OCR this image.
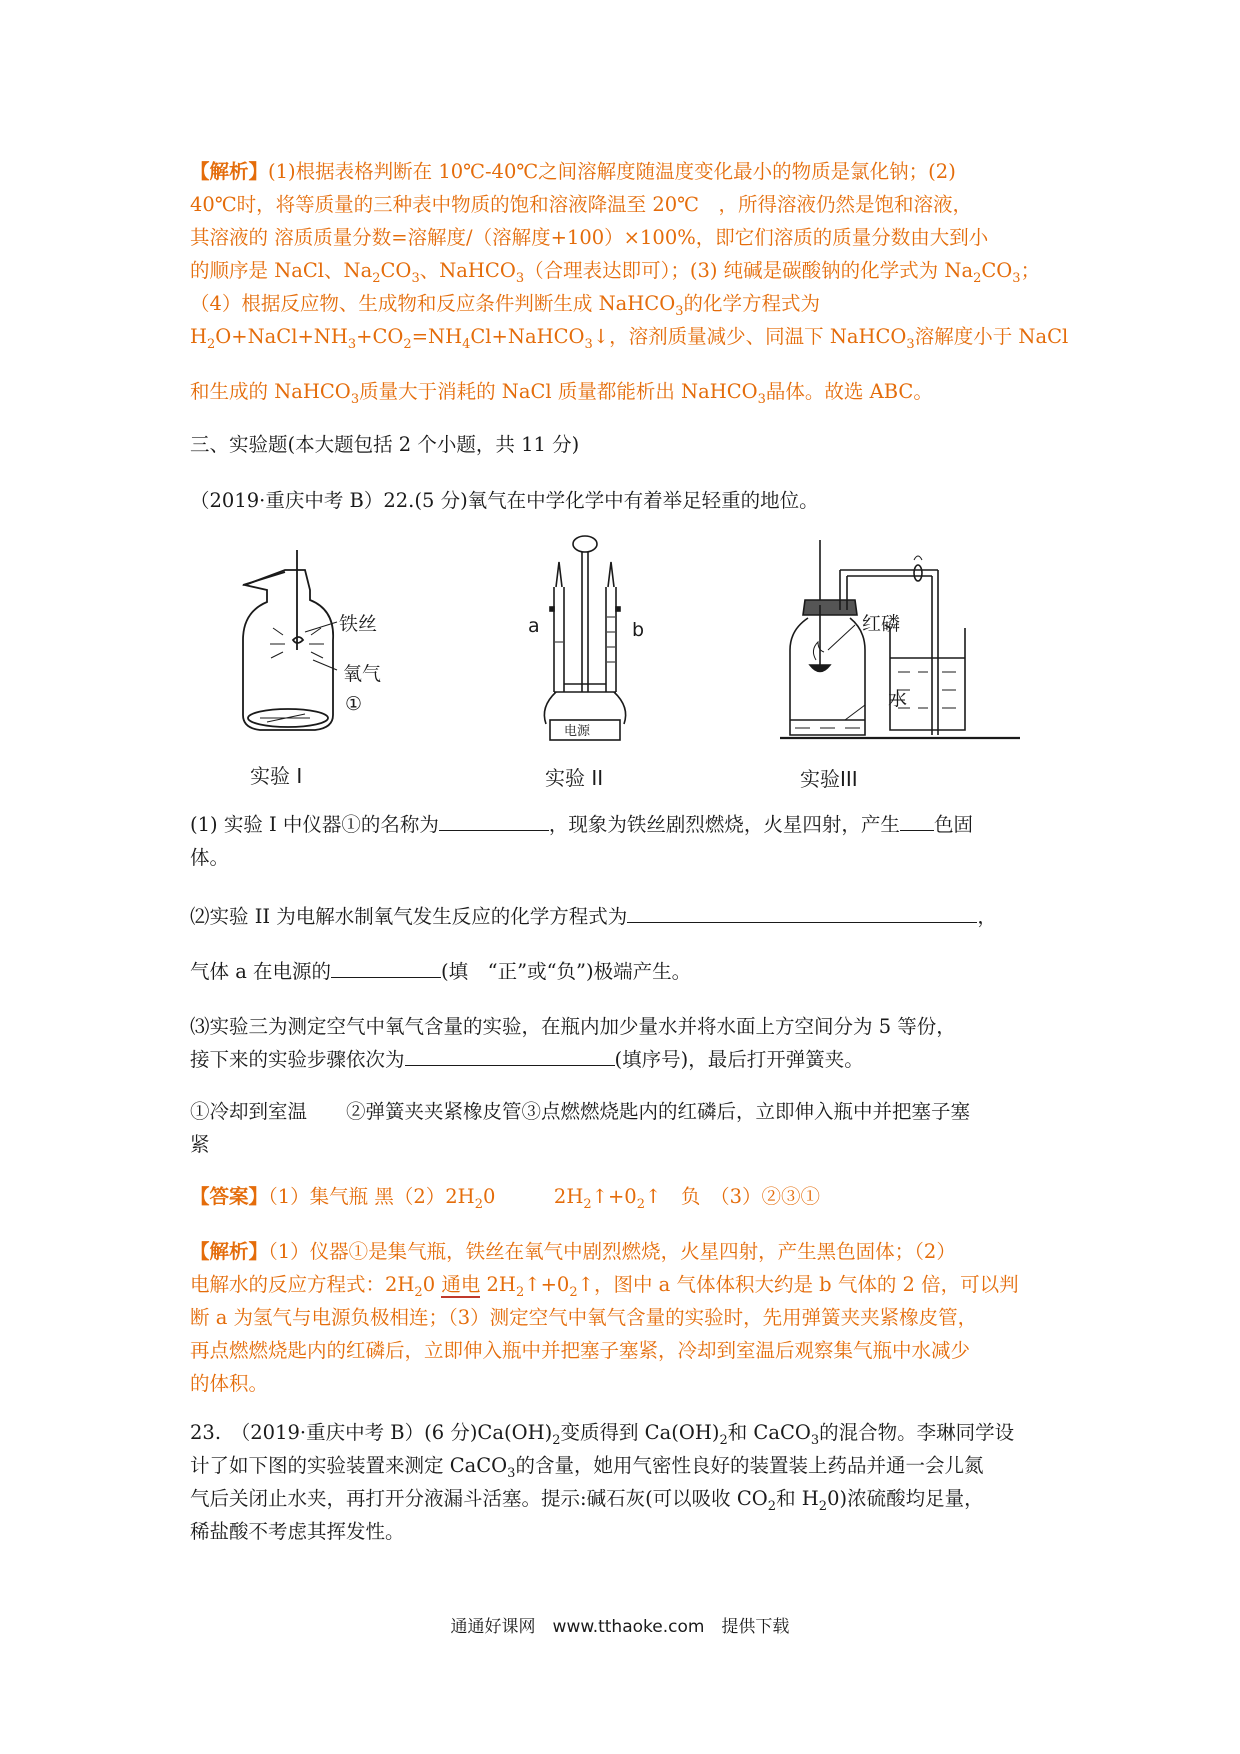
【解析】(1)根据表格判断在 10℃-40℃之间溶解度随温度变化最小的物质是氯化钠；(2)
40℃时，将等质量的三种表中物质的饱和溶液降温至 20℃　，所得溶液仍然是饱和溶液，
其溶液的 溶质质量分数=溶解度/（溶解度+100）×100%，即它们溶质的质量分数由大到小
的顺序是 NaCl、$Na_2CO_3$、NaHCO$_3$（合理表达即可）；(3) 纯碱是碳酸钠的化学式为 $Na_2CO_3$；
（4）根据反应物、生成物和反应条件判断生成 NaHCO$_3$的化学方程式为
$H_2O+NaCl+NH_3+CO_2=NH_4Cl+NaHCO_3↓$，溶剂质量减少、同温下 NaHCO$_3$溶解度小于 NaCl
和生成的 NaHCO$_3$质量大于消耗的 NaCl 质量都能析出 NaHCO$_3$晶体。故选 ABC。
三、实验题(本大题包括 2 个小题，共 11 分)
（2019·重庆中考 B）22.(5 分)氧气在中学化学中有着举足轻重的地位。
铁丝
氧气
①
实验 I
a	b
电源
实验 II
红磷
水
实验III
(1) 实验 I 中仪器①的名称为	，现象为铁丝剧烈燃烧，火星四射，产生 色固
体。
⑵实验 II 为电解水制氧气发生反应的化学方程式为	，
气体 a 在电源的	(填　“正”或“负”)极端产生。
⑶实验三为测定空气中氧气含量的实验，在瓶内加少量水并将水面上方空间分为 5 等份，
接下来的实验步骤依次为	(填序号)，最后打开弹簧夹。
①冷却到室温　　②弹簧夹夹紧橡皮管③点燃燃烧匙内的红磷后，立即伸入瓶中并把塞子塞
紧
【答案】（1）集气瓶 黑$(2)2H_20$　　　$2H_2↑+0_2↑$　负　（3）②③①
【解析】（1）仪器①是集气瓶，铁丝在氧气中剧烈燃烧，火星四射，产生黑色固体；（2）
电解水的反应方程式：$2H_20$ 通电 $2H_2↑+0_2↑$，图中 a 气体体积大约是 b 气体的 2 倍，可以判
断 a 为氢气与电源负极相连；（3）测定空气中氧气含量的实验时，先用弹簧夹夹紧橡皮管，
再点燃燃烧匙内的红磷后，立即伸入瓶中并把塞子塞紧，冷却到室温后观察集气瓶中水减少
的体积。
23.　（2019·重庆中考 B）(6 分)$Ca(OH)_2$变质得到 $Ca(OH)_2$和 CaCO$_3$的混合物。李琳同学设
计了如下图的实验装置来测定 CaCO$_3$的含量，她用气密性良好的装置装上药品并通一会儿氮
气后关闭止水夹，再打开分液漏斗活塞。提示:碱石灰(可以吸收 $CO_2$和 $H_20$)浓硫酸均足量，
稀盐酸不考虑其挥发性。
通通好课网　www.tthaoke.com　提供下载
